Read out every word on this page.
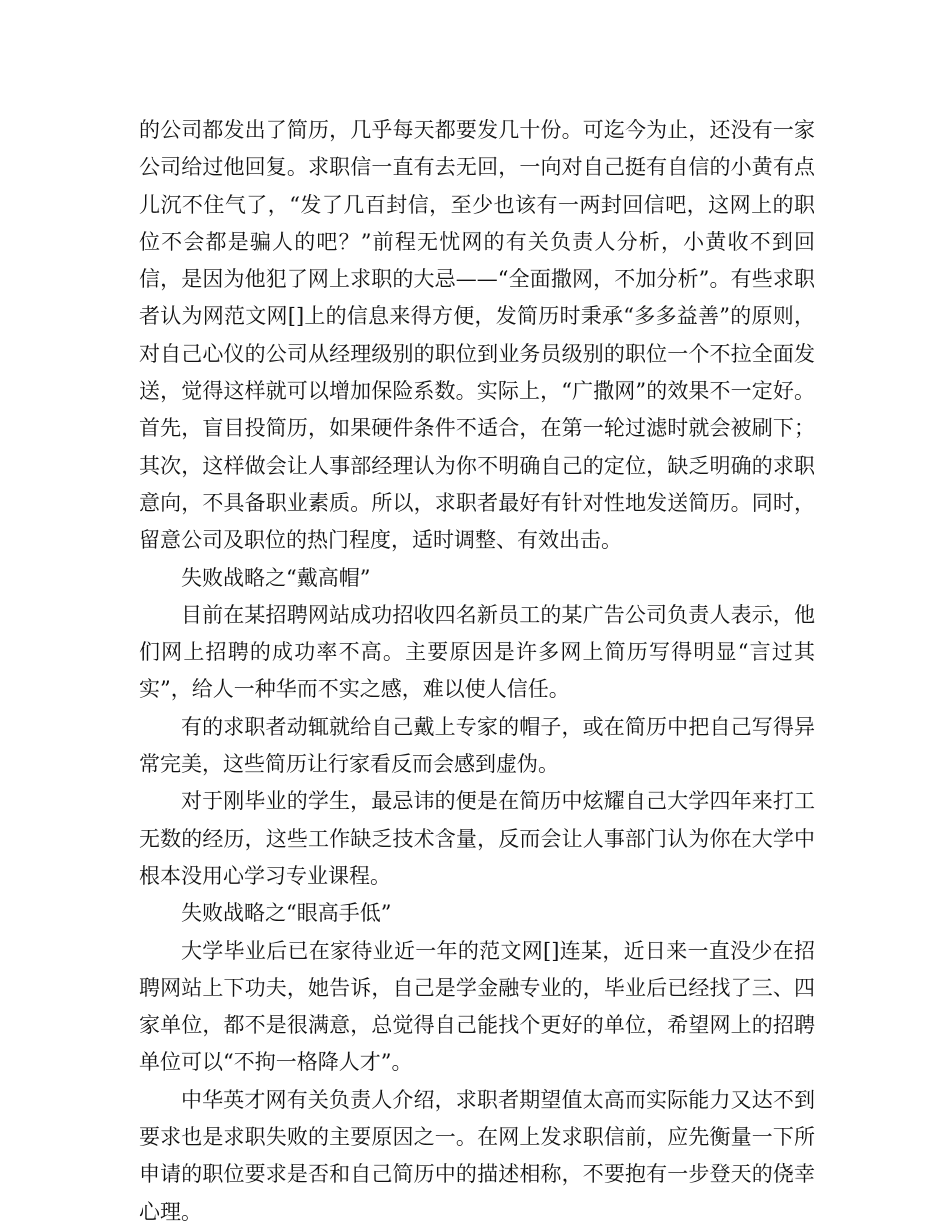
的公司都发出了简历，几乎每天都要发几十份。可迄今为止，还没有一家公司给过他回复。求职信一直有去无回，一向对自己挺有自信的小黄有点儿沉不住气了，“发了几百封信，至少也该有一两封回信吧，这网上的职位不会都是骗人的吧？”前程无忧网的有关负责人分析，小黄收不到回信，是因为他犯了网上求职的大忌——“全面撒网，不加分析”。有些求职者认为网范文网[]上的信息来得方便，发简历时秉承“多多益善”的原则，对自己心仪的公司从经理级别的职位到业务员级别的职位一个不拉全面发送，觉得这样就可以增加保险系数。实际上，“广撒网”的效果不一定好。首先，盲目投简历，如果硬件条件不适合，在第一轮过滤时就会被刷下；其次，这样做会让人事部经理认为你不明确自己的定位，缺乏明确的求职意向，不具备职业素质。所以，求职者最好有针对性地发送简历。同时，留意公司及职位的热门程度，适时调整、有效出击。

失败战略之“戴高帽”

目前在某招聘网站成功招收四名新员工的某广告公司负责人表示，他们网上招聘的成功率不高。主要原因是许多网上简历写得明显“言过其实”，给人一种华而不实之感，难以使人信任。

有的求职者动辄就给自己戴上专家的帽子，或在简历中把自己写得异常完美，这些简历让行家看反而会感到虚伪。

对于刚毕业的学生，最忌讳的便是在简历中炫耀自己大学四年来打工无数的经历，这些工作缺乏技术含量，反而会让人事部门认为你在大学中根本没用心学习专业课程。

失败战略之“眼高手低”

大学毕业后已在家待业近一年的范文网[]连某，近日来一直没少在招聘网站上下功夫，她告诉，自己是学金融专业的，毕业后已经找了三、四家单位，都不是很满意，总觉得自己能找个更好的单位，希望网上的招聘单位可以“不拘一格降人才”。

中华英才网有关负责人介绍，求职者期望值太高而实际能力又达不到要求也是求职失败的主要原因之一。在网上发求职信前，应先衡量一下所申请的职位要求是否和自己简历中的描述相称，不要抱有一步登天的侥幸心理。
